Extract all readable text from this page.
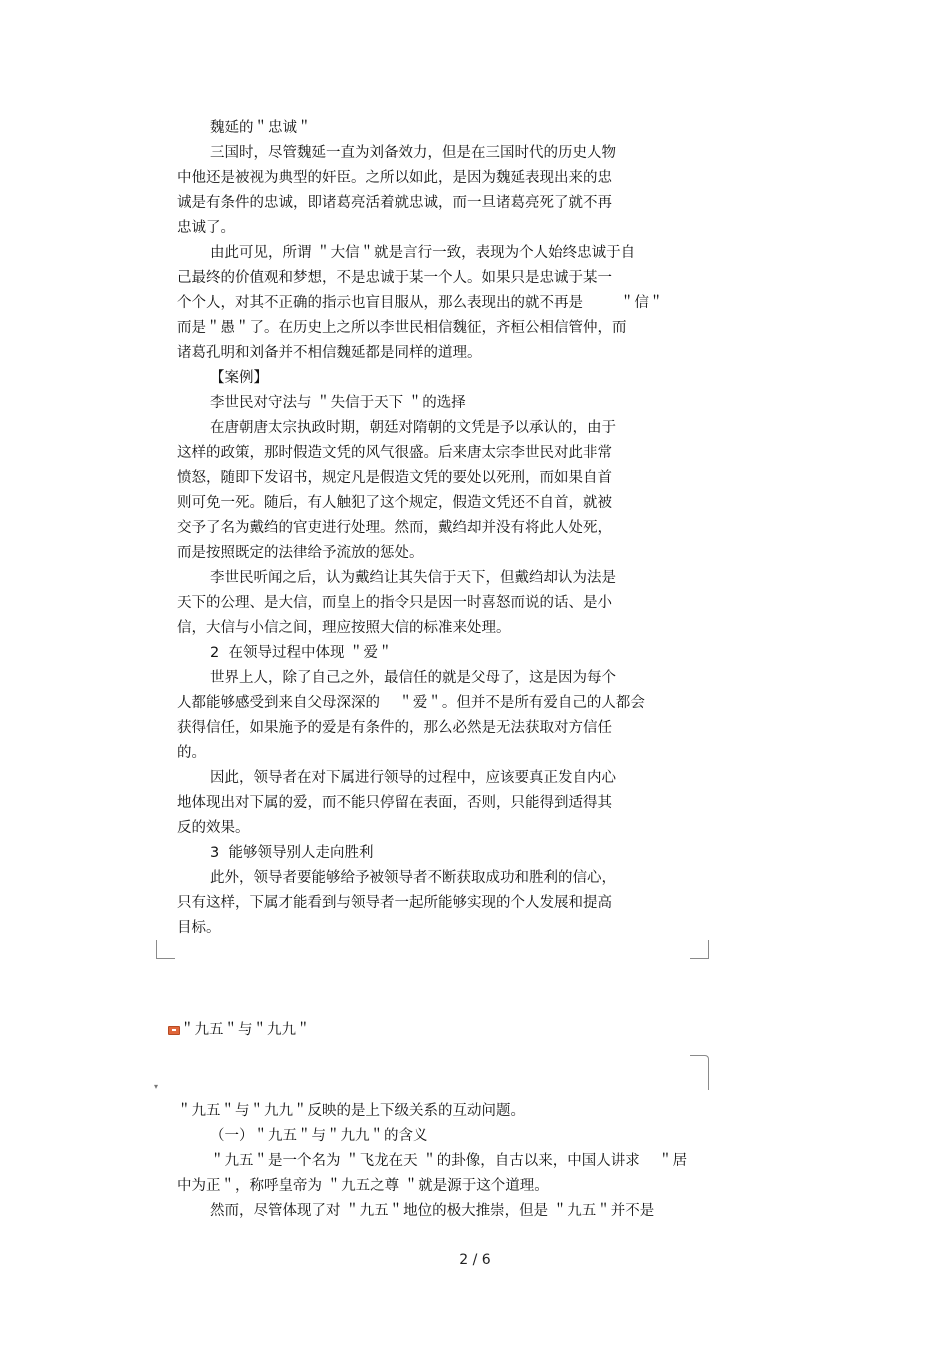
魏延的＂忠诚＂
三国时，尽管魏延一直为刘备效力，但是在三国时代的历史人物
中他还是被视为典型的奸臣。之所以如此，是因为魏延表现出来的忠
诚是有条件的忠诚，即诸葛亮活着就忠诚，而一旦诸葛亮死了就不再
忠诚了。
由此可见，所谓 ＂大信＂就是言行一致，表现为个人始终忠诚于自
己最终的价值观和梦想，不是忠诚于某一个人。如果只是忠诚于某一
个个人，对其不正确的指示也盲目服从，那么表现出的就不再是        ＂信＂
而是＂愚＂了。在历史上之所以李世民相信魏征，齐桓公相信管仲，而
诸葛孔明和刘备并不相信魏延都是同样的道理。
【案例】
李世民对守法与 ＂失信于天下 ＂的选择
在唐朝唐太宗执政时期，朝廷对隋朝的文凭是予以承认的，由于
这样的政策，那时假造文凭的风气很盛。后来唐太宗李世民对此非常
愤怒，随即下发诏书，规定凡是假造文凭的要处以死刑，而如果自首
则可免一死。随后，有人触犯了这个规定，假造文凭还不自首，就被
交予了名为戴绉的官吏进行处理。然而，戴绉却并没有将此人处死，
而是按照既定的法律给予流放的惩处。
李世民听闻之后，认为戴绉让其失信于天下，但戴绉却认为法是
天下的公理、是大信，而皇上的指令只是因一时喜怒而说的话、是小
信，大信与小信之间，理应按照大信的标准来处理。
2  在领导过程中体现 ＂爱＂
世界上人，除了自己之外，最信任的就是父母了，这是因为每个
人都能够感受到来自父母深深的    ＂爱＂。但并不是所有爱自己的人都会
获得信任，如果施予的爱是有条件的，那么必然是无法获取对方信任
的。
因此，领导者在对下属进行领导的过程中，应该要真正发自内心
地体现出对下属的爱，而不能只停留在表面，否则，只能得到适得其
反的效果。
3  能够领导别人走向胜利
此外，领导者要能够给予被领导者不断获取成功和胜利的信心，
只有这样，下属才能看到与领导者一起所能够实现的个人发展和提高
目标。
＂九五＂与＂九九＂
▾
＂九五＂与＂九九＂反映的是上下级关系的互动问题。
（一）＂九五＂与＂九九＂的含义
＂九五＂是一个名为 ＂飞龙在天 ＂的卦像，自古以来，中国人讲求    ＂居
中为正＂，称呼皇帝为 ＂九五之尊 ＂就是源于这个道理。
然而，尽管体现了对 ＂九五＂地位的极大推崇，但是 ＂九五＂并不是
2 / 6
